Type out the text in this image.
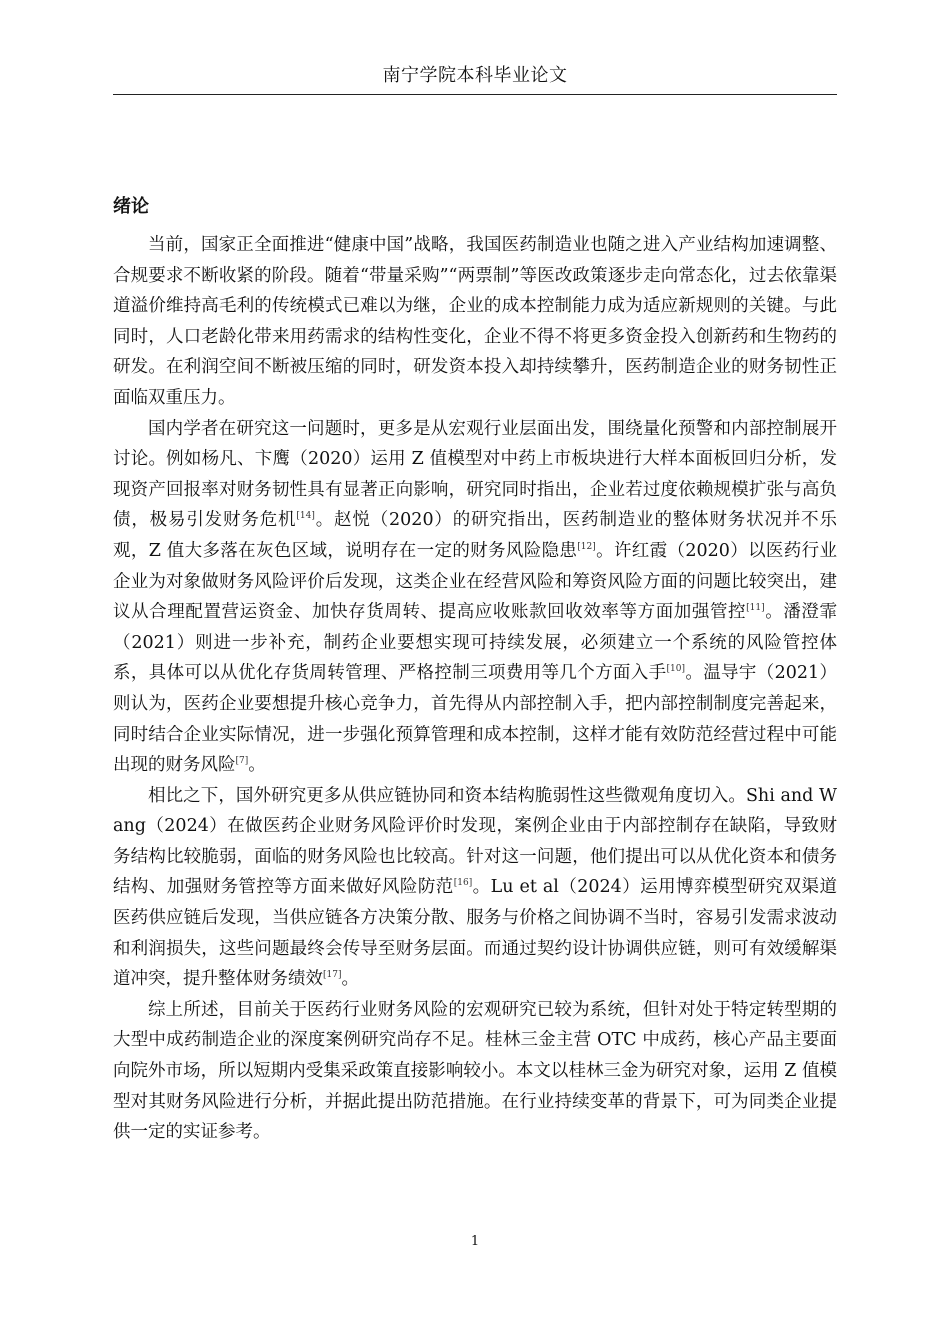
南宁学院本科毕业论文
绪论

当前，国家正全面推进“健康中国”战略，我国医药制造业也随之进入产业结构加速调整、合规要求不断收紧的阶段。随着“带量采购”“两票制”等医改政策逐步走向常态化，过去依靠渠道溢价维持高毛利的传统模式已难以为继，企业的成本控制能力成为适应新规则的关键。与此同时，人口老龄化带来用药需求的结构性变化，企业不得不将更多资金投入创新药和生物药的研发。在利润空间不断被压缩的同时，研发资本投入却持续攀升，医药制造企业的财务韧性正面临双重压力。

国内学者在研究这一问题时，更多是从宏观行业层面出发，围绕量化预警和内部控制展开讨论。例如杨凡、卞鹰（2020）运用 Z 值模型对中药上市板块进行大样本面板回归分析，发现资产回报率对财务韧性具有显著正向影响，研究同时指出，企业若过度依赖规模扩张与高负债，极易引发财务危机[14]。赵悦（2020）的研究指出，医药制造业的整体财务状况并不乐观，Z 值大多落在灰色区域，说明存在一定的财务风险隐患[12]。许红霞（2020）以医药行业企业为对象做财务风险评价后发现，这类企业在经营风险和筹资风险方面的问题比较突出，建议从合理配置营运资金、加快存货周转、提高应收账款回收效率等方面加强管控[11]。潘澄霏（2021）则进一步补充，制药企业要想实现可持续发展，必须建立一个系统的风险管控体系，具体可以从优化存货周转管理、严格控制三项费用等几个方面入手[10]。温导宇（2021）则认为，医药企业要想提升核心竞争力，首先得从内部控制入手，把内部控制制度完善起来，同时结合企业实际情况，进一步强化预算管理和成本控制，这样才能有效防范经营过程中可能出现的财务风险[7]。

相比之下，国外研究更多从供应链协同和资本结构脆弱性这些微观角度切入。Shi and Wang（2024）在做医药企业财务风险评价时发现，案例企业由于内部控制存在缺陷，导致财务结构比较脆弱，面临的财务风险也比较高。针对这一问题，他们提出可以从优化资本和债务结构、加强财务管控等方面来做好风险防范[16]。Lu et al（2024）运用博弈模型研究双渠道医药供应链后发现，当供应链各方决策分散、服务与价格之间协调不当时，容易引发需求波动和利润损失，这些问题最终会传导至财务层面。而通过契约设计协调供应链，则可有效缓解渠道冲突，提升整体财务绩效[17]。

综上所述，目前关于医药行业财务风险的宏观研究已较为系统，但针对处于特定转型期的大型中成药制造企业的深度案例研究尚存不足。桂林三金主营 OTC 中成药，核心产品主要面向院外市场，所以短期内受集采政策直接影响较小。本文以桂林三金为研究对象，运用 Z 值模型对其财务风险进行分析，并据此提出防范措施。在行业持续变革的背景下，可为同类企业提供一定的实证参考。

1
